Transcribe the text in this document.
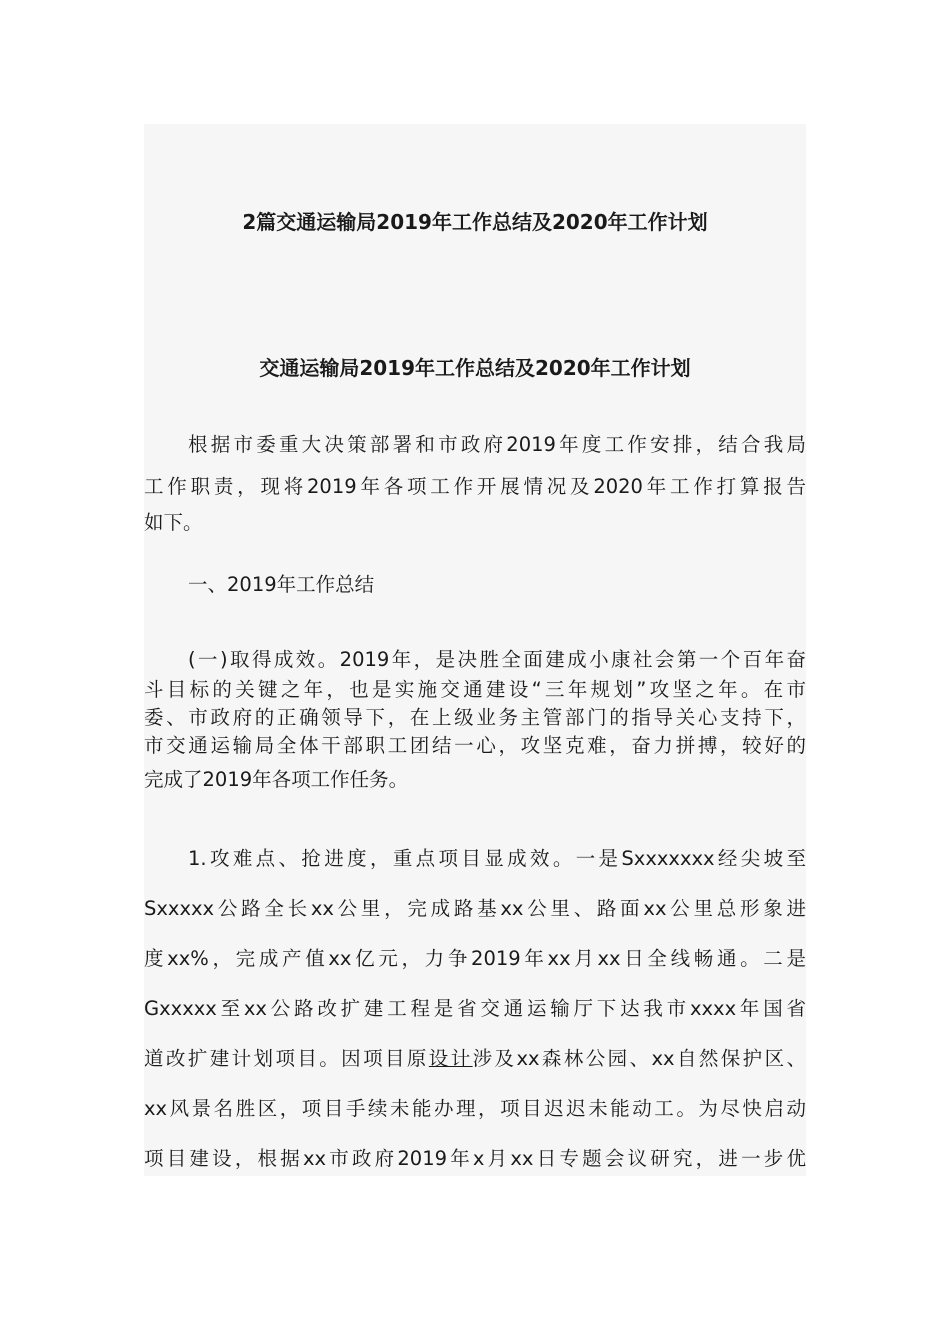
2篇交通运输局2019年工作总结及2020年工作计划
交通运输局2019年工作总结及2020年工作计划
根据市委重大决策部署和市政府2019年度工作安排，结合我局
工作职责，现将2019年各项工作开展情况及2020年工作打算报告
如下。
一、2019年工作总结
(一)取得成效。2019年，是决胜全面建成小康社会第一个百年奋
斗目标的关键之年，也是实施交通建设“三年规划”攻坚之年。在市
委、市政府的正确领导下，在上级业务主管部门的指导关心支持下，
市交通运输局全体干部职工团结一心，攻坚克难，奋力拼搏，较好的
完成了2019年各项工作任务。
1.攻难点、抢进度，重点项目显成效。一是Sxxxxxxx经尖坡至
Sxxxxx公路全长xx公里，完成路基xx公里、路面xx公里总形象进
度xx%，完成产值xx亿元，力争2019年xx月xx日全线畅通。二是
Gxxxxx至xx公路改扩建工程是省交通运输厅下达我市xxxx年国省
道改扩建计划项目。因项目原设计涉及xx森林公园、xx自然保护区、
xx风景名胜区，项目手续未能办理，项目迟迟未能动工。为尽快启动
项目建设，根据xx市政府2019年x月xx日专题会议研究，进一步优
